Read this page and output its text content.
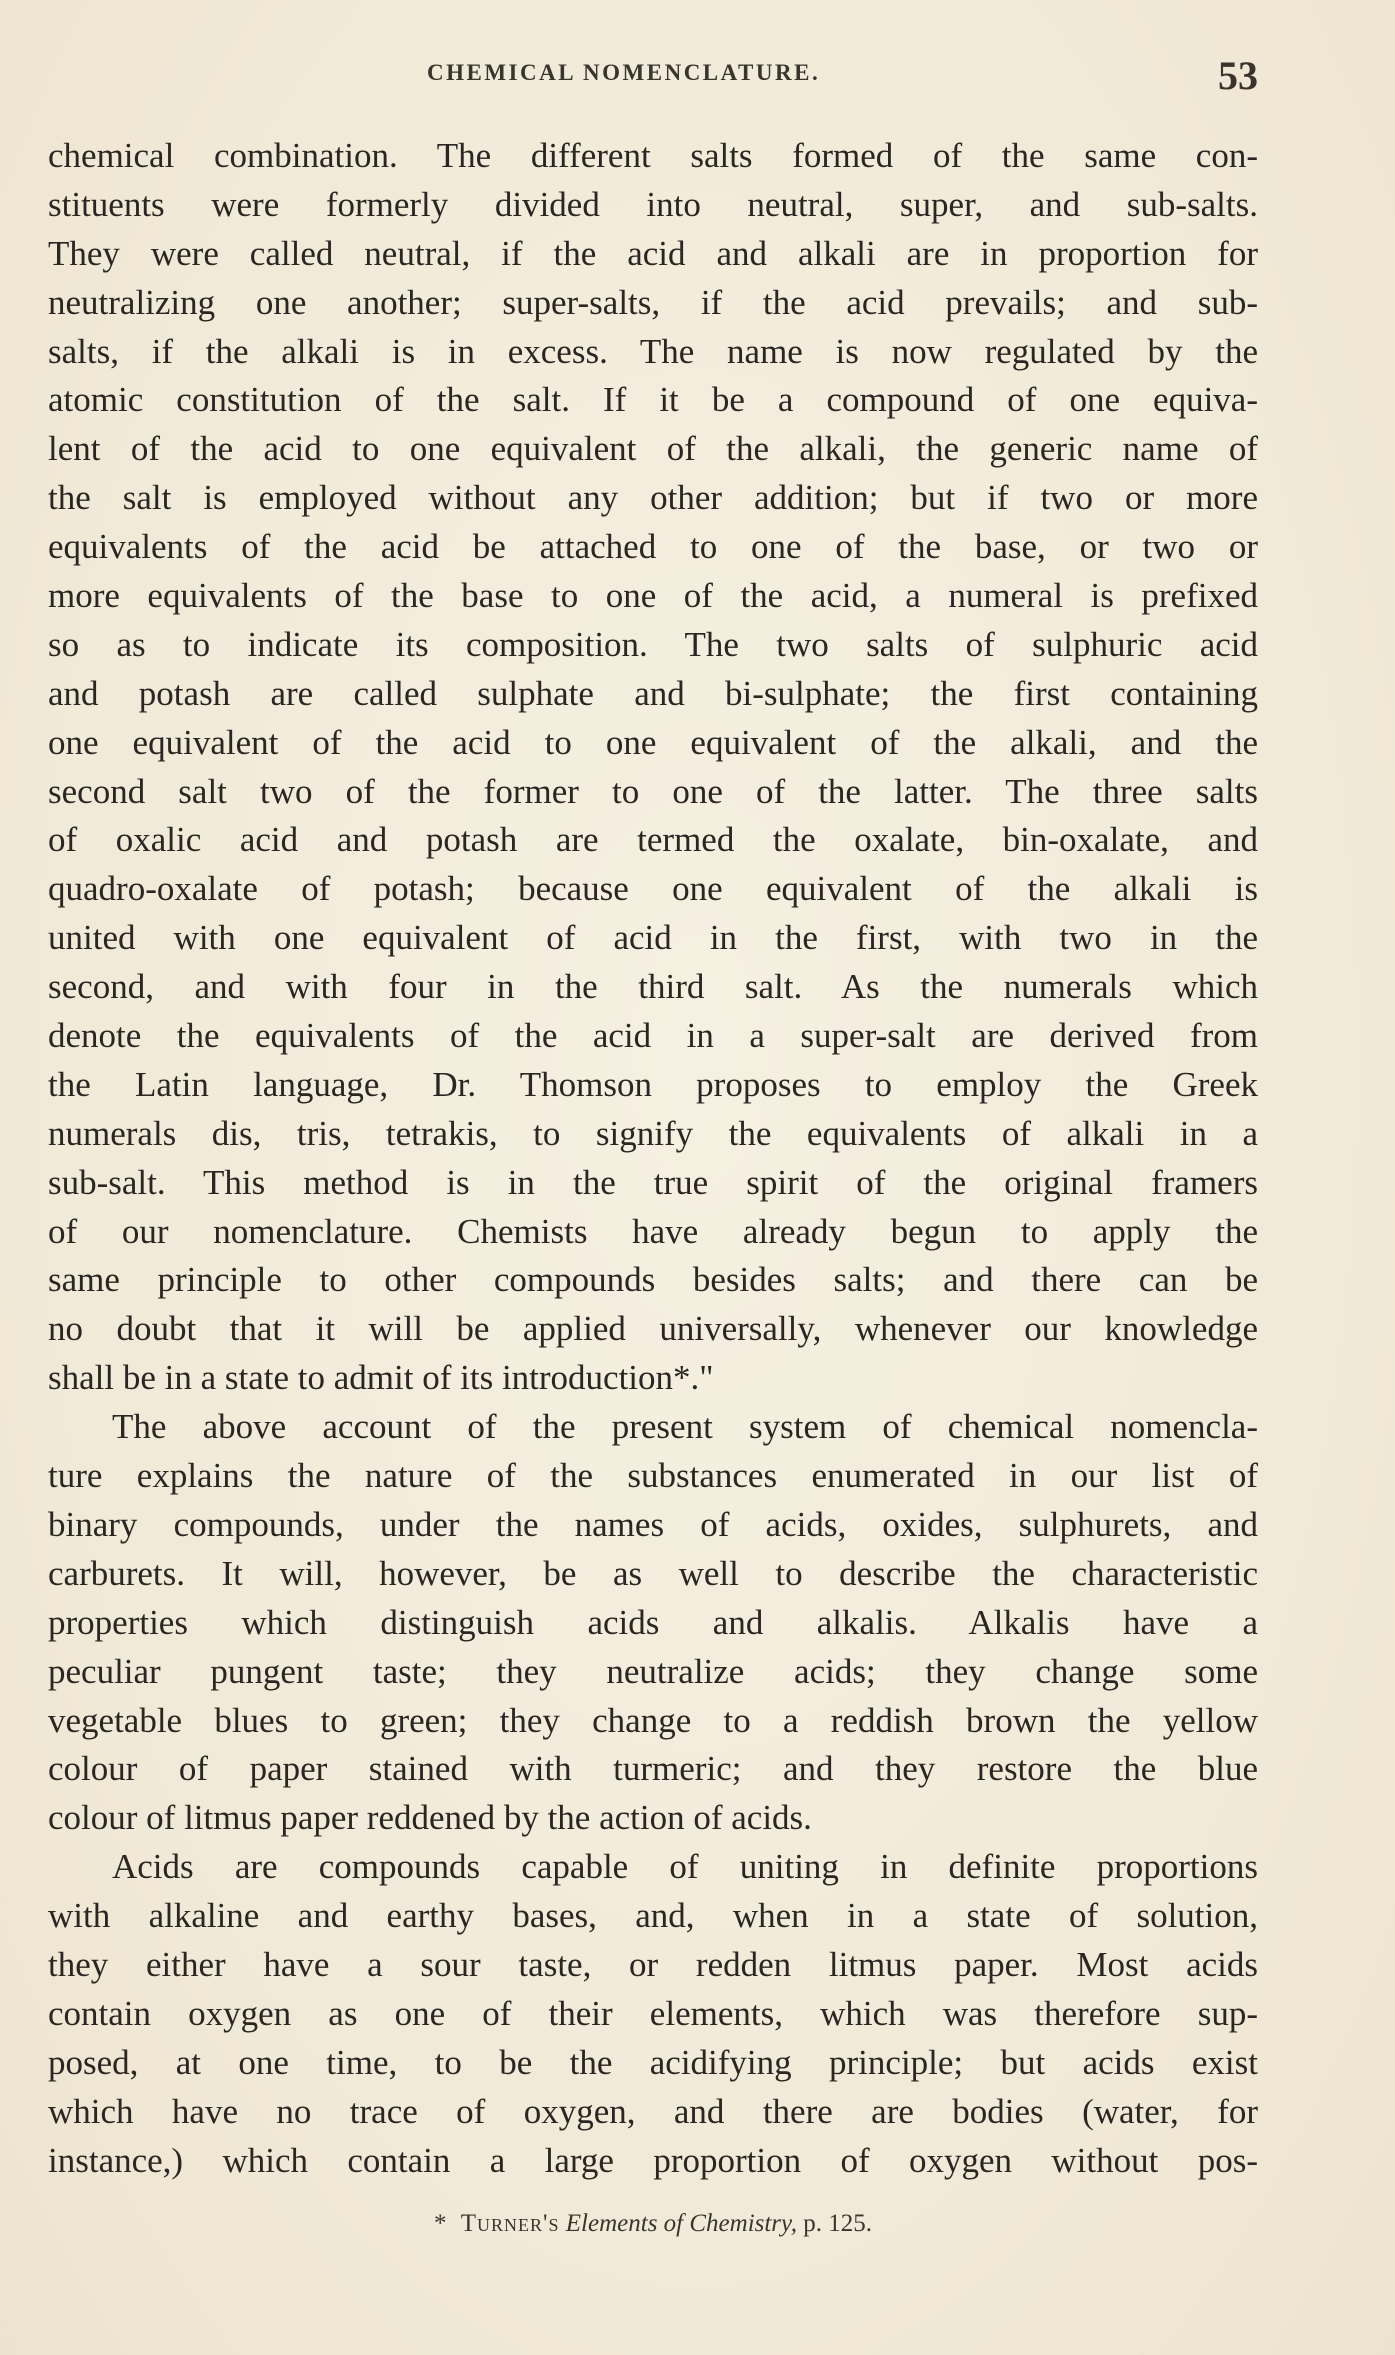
CHEMICAL NOMENCLATURE.	53
chemical combination. The different salts formed of the same con-
stituents were formerly divided into neutral, super, and sub-salts.
They were called neutral, if the acid and alkali are in proportion for
neutralizing one another; super-salts, if the acid prevails; and sub-
salts, if the alkali is in excess. The name is now regulated by the
atomic constitution of the salt. If it be a compound of one equiva-
lent of the acid to one equivalent of the alkali, the generic name of
the salt is employed without any other addition; but if two or more
equivalents of the acid be attached to one of the base, or two or
more equivalents of the base to one of the acid, a numeral is prefixed
so as to indicate its composition. The two salts of sulphuric acid
and potash are called sulphate and bi-sulphate; the first containing
one equivalent of the acid to one equivalent of the alkali, and the
second salt two of the former to one of the latter. The three salts
of oxalic acid and potash are termed the oxalate, bin-oxalate, and
quadro-oxalate of potash; because one equivalent of the alkali is
united with one equivalent of acid in the first, with two in the
second, and with four in the third salt. As the numerals which
denote the equivalents of the acid in a super-salt are derived from
the Latin language, Dr. Thomson proposes to employ the Greek
numerals dis, tris, tetrakis, to signify the equivalents of alkali in a
sub-salt. This method is in the true spirit of the original framers
of our nomenclature. Chemists have already begun to apply the
same principle to other compounds besides salts; and there can be
no doubt that it will be applied universally, whenever our knowledge
shall be in a state to admit of its introduction*."
The above account of the present system of chemical nomencla-
ture explains the nature of the substances enumerated in our list of
binary compounds, under the names of acids, oxides, sulphurets, and
carburets. It will, however, be as well to describe the characteristic
properties which distinguish acids and alkalis. Alkalis have a
peculiar pungent taste; they neutralize acids; they change some
vegetable blues to green; they change to a reddish brown the yellow
colour of paper stained with turmeric; and they restore the blue
colour of litmus paper reddened by the action of acids.
Acids are compounds capable of uniting in definite proportions
with alkaline and earthy bases, and, when in a state of solution,
they either have a sour taste, or redden litmus paper. Most acids
contain oxygen as one of their elements, which was therefore sup-
posed, at one time, to be the acidifying principle; but acids exist
which have no trace of oxygen, and there are bodies (water, for
instance,) which contain a large proportion of oxygen without pos-
* Turner's Elements of Chemistry, p. 125.
